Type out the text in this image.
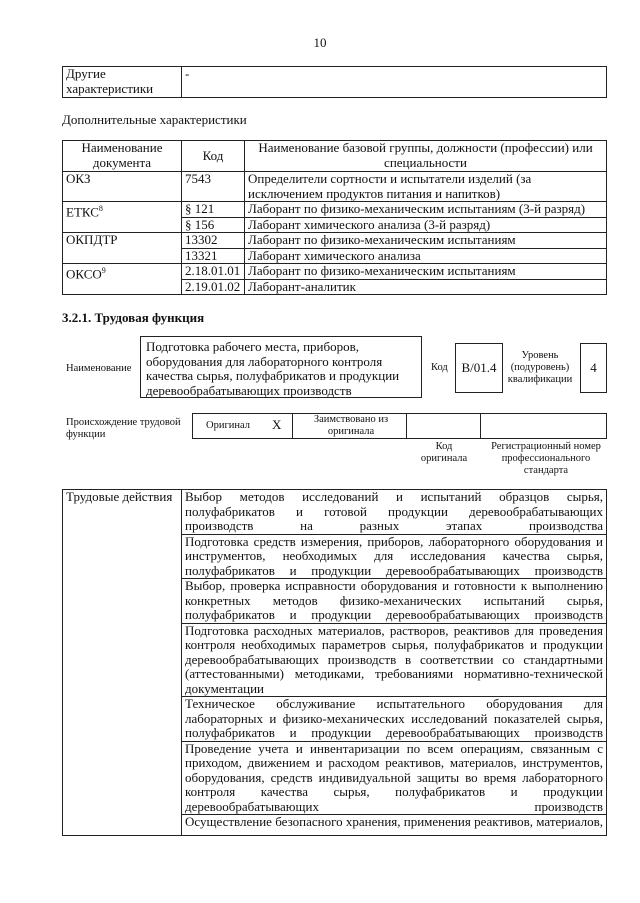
10
Другие характеристики	-
Дополнительные характеристики
Наименование документа	Код	Наименование базовой группы, должности (профессии) или специальности
ОКЗ	7543	Определители сортности и испытатели изделий (за исключением продуктов питания и напитков)
ЕТКС$^8$	§ 121	Лаборант по физико-механическим испытаниям (3-й разряд)
	§ 156	Лаборант химического анализа (3-й разряд)
ОКПДТР	13302	Лаборант по физико-механическим испытаниям
	13321	Лаборант химического анализа
ОКСО$^9$	2.18.01.01	Лаборант по физико-механическим испытаниям
	2.19.01.02	Лаборант-аналитик
3.2.1. Трудовая функция
Наименование
Подготовка рабочего места, приборов, оборудования для лабораторного контроля качества сырья, полуфабрикатов и продукции деревообрабатывающих производств
Код	B/01.4
Уровень (подуровень) квалификации
4
Происхождение трудовой функции
Оригинал X	Заимствовано из оригинала
Код оригинала
Регистрационный номер профессионального стандарта
Трудовые действия	Выбор методов исследований и испытаний образцов сырья, полуфабрикатов и готовой продукции деревообрабатывающих производств на разных этапах производства
Подготовка средств измерения, приборов, лабораторного оборудования и инструментов, необходимых для исследования качества сырья, полуфабрикатов и продукции деревообрабатывающих производств
Выбор, проверка исправности оборудования и готовности к выполнению конкретных методов физико-механических испытаний сырья, полуфабрикатов и продукции деревообрабатывающих производств
Подготовка расходных материалов, растворов, реактивов для проведения контроля необходимых параметров сырья, полуфабрикатов и продукции деревообрабатывающих производств в соответствии со стандартными (аттестованными) методиками, требованиями нормативно-технической документации
Техническое обслуживание испытательного оборудования для лабораторных и физико-механических исследований показателей сырья, полуфабрикатов и продукции деревообрабатывающих производств
Проведение учета и инвентаризации по всем операциям, связанным с приходом, движением и расходом реактивов, материалов, инструментов, оборудования, средств индивидуальной защиты во время лабораторного контроля качества сырья, полуфабрикатов и продукции деревообрабатывающих производств
Осуществление безопасного хранения, применения реактивов, материалов,
